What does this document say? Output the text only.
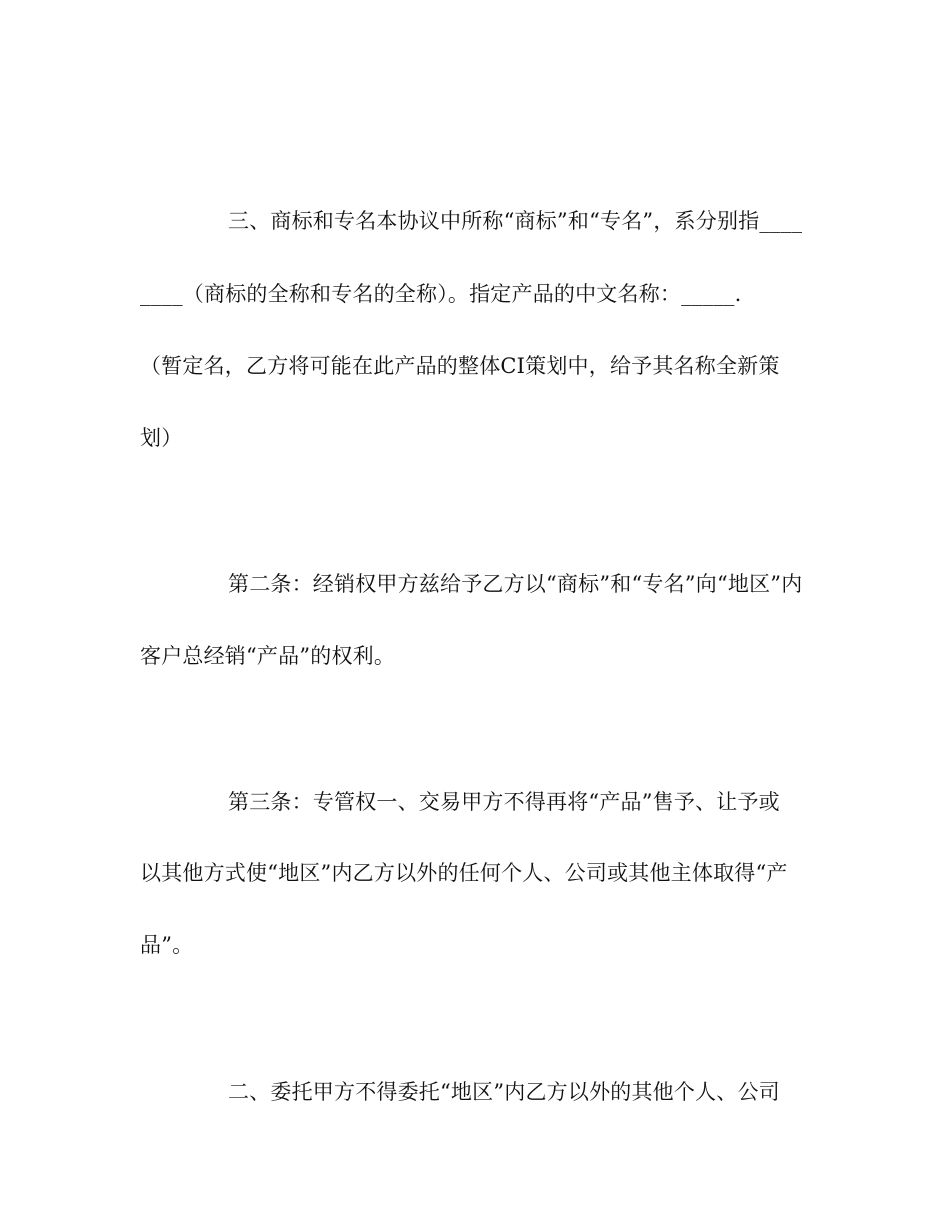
三、商标和专名本协议中所称“商标”和“专名”，系分别指____

____（商标的全称和专名的全称）。指定产品的中文名称：_____.

（暂定名，乙方将可能在此产品的整体CI策划中，给予其名称全新策

划）

第二条：经销权甲方兹给予乙方以“商标”和“专名”向“地区”内

客户总经销“产品”的权利。

第三条：专管权一、交易甲方不得再将“产品”售予、让予或

以其他方式使“地区”内乙方以外的任何个人、公司或其他主体取得“产

品”。

二、委托甲方不得委托“地区”内乙方以外的其他个人、公司
